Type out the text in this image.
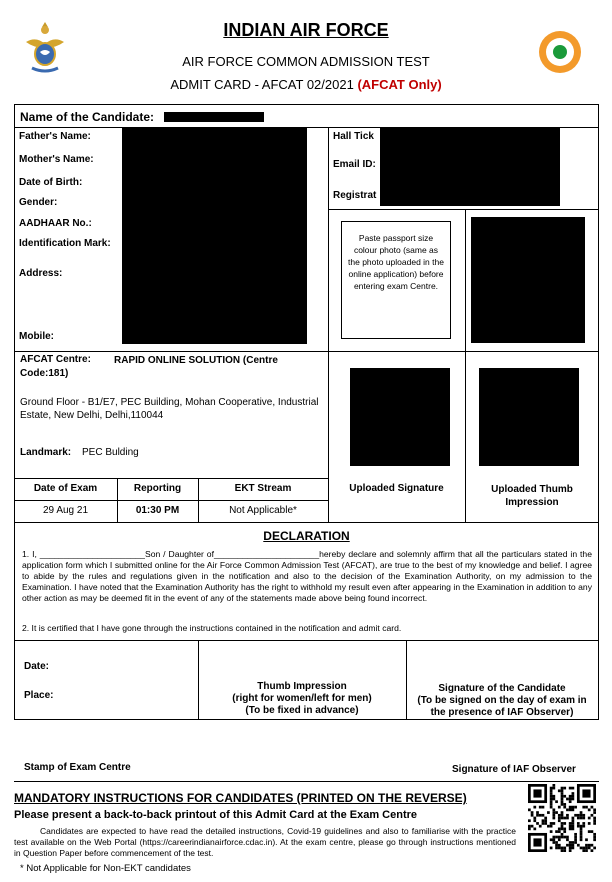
INDIAN AIR FORCE
AIR FORCE COMMON ADMISSION TEST
ADMIT CARD - AFCAT 02/2021 (AFCAT Only)
Name of the Candidate:
Father's Name:
Mother's Name:
Date of Birth:
Gender:
AADHAAR No.:
Identification Mark:
Address:
Mobile:
Hall Tick
Email ID:
Registrat
Paste passport size colour photo (same as the photo uploaded in the online application) before entering exam Centre.
AFCAT Centre:	RAPID ONLINE SOLUTION (Centre Code:181)
Ground Floor - B1/E7, PEC Building, Mohan Cooperative, Industrial Estate, New Delhi, Delhi,110044
Landmark: PEC Bulding
Uploaded Signature	Uploaded Thumb Impression
Date of Exam	Reporting	EKT Stream
29 Aug 21	01:30 PM	Not Applicable*
DECLARATION
1. I, ______________________Son / Daughter of______________________hereby declare and solemnly affirm that all the particulars stated in the application form which I submitted online for the Air Force Common Admission Test (AFCAT), are true to the best of my knowledge and belief. I agree to abide by the rules and regulations given in the notification and also to the decision of the Examination Authority, on my admission to the Examination. I have noted that the Examination Authority has the right to withhold my result even after appearing in the Examination in addition to any other action as may be deemed fit in the event of any of the statements made above being found incorrect.
2. It is certified that I have gone through the instructions contained in the notification and admit card.
Date:
Place:
Thumb Impression
(right for women/left for men)
(To be fixed in advance)
Signature of the Candidate
(To be signed on the day of exam in
the presence of IAF Observer)
Stamp of Exam Centre	Signature of IAF Observer
MANDATORY INSTRUCTIONS FOR CANDIDATES (PRINTED ON THE REVERSE)
Please present a back-to-back printout of this Admit Card at the Exam Centre
Candidates are expected to have read the detailed instructions, Covid-19 guidelines and also to familiarise with the practice test available on the Web Portal (https://careerindianairforce.cdac.in). At the exam centre, please go through instructions mentioned in Question Paper before commencement of the test.
* Not Applicable for Non-EKT candidates
